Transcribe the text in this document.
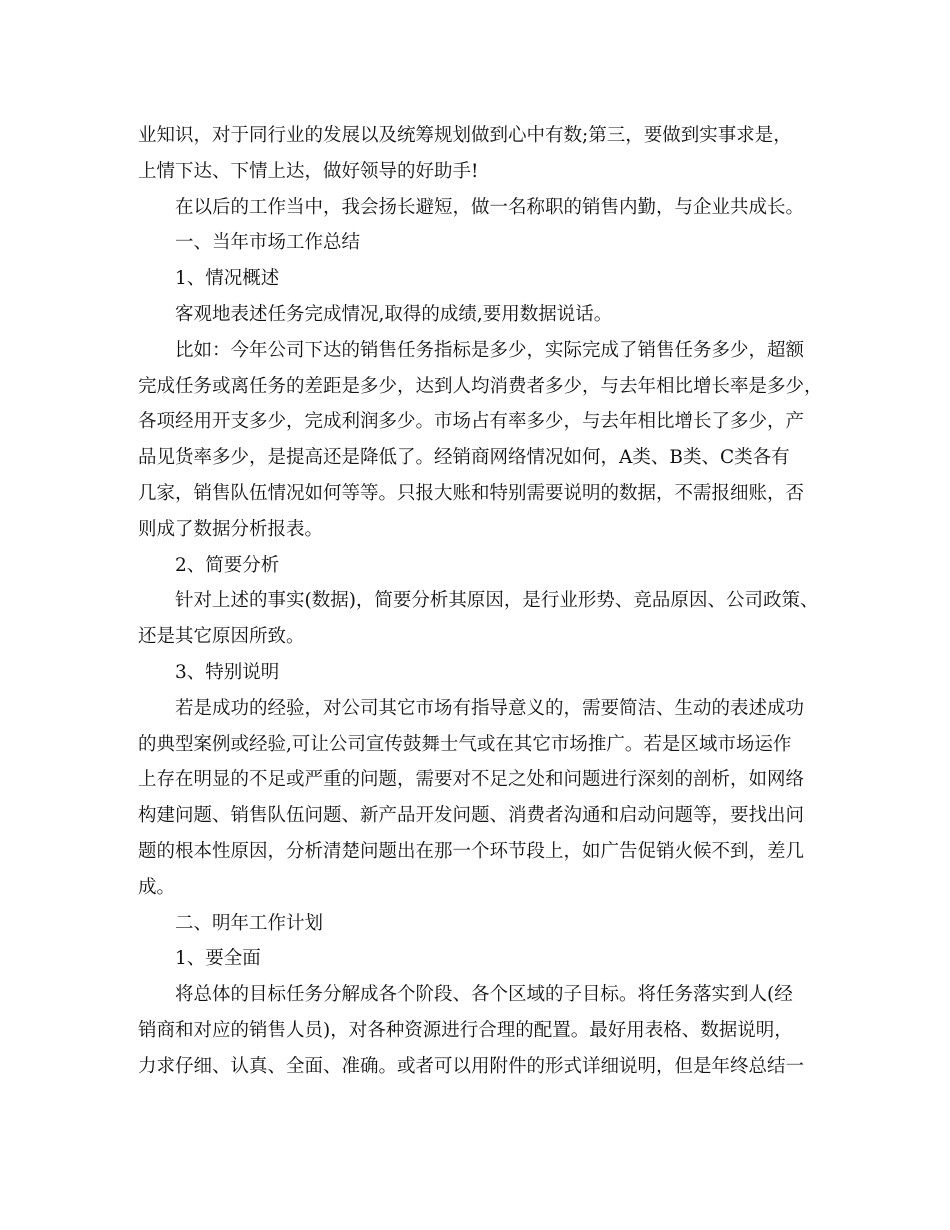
业知识，对于同行业的发展以及统筹规划做到心中有数;第三，要做到实事求是，
上情下达、下情上达，做好领导的好助手!
在以后的工作当中，我会扬长避短，做一名称职的销售内勤，与企业共成长。
一、当年市场工作总结
1、情况概述
客观地表述任务完成情况,取得的成绩,要用数据说话。
比如：今年公司下达的销售任务指标是多少，实际完成了销售任务多少，超额
完成任务或离任务的差距是多少，达到人均消费者多少，与去年相比增长率是多少，
各项经用开支多少，完成利润多少。市场占有率多少，与去年相比增长了多少，产
品见货率多少，是提高还是降低了。经销商网络情况如何，A类、B类、C类各有
几家，销售队伍情况如何等等。只报大账和特别需要说明的数据，不需报细账，否
则成了数据分析报表。
2、简要分析
针对上述的事实(数据)，简要分析其原因，是行业形势、竞品原因、公司政策、
还是其它原因所致。
3、特别说明
若是成功的经验，对公司其它市场有指导意义的，需要简洁、生动的表述成功
的典型案例或经验,可让公司宣传鼓舞士气或在其它市场推广。若是区域市场运作
上存在明显的不足或严重的问题，需要对不足之处和问题进行深刻的剖析，如网络
构建问题、销售队伍问题、新产品开发问题、消费者沟通和启动问题等，要找出问
题的根本性原因，分析清楚问题出在那一个环节段上，如广告促销火候不到，差几
成。
二、明年工作计划
1、要全面
将总体的目标任务分解成各个阶段、各个区域的子目标。将任务落实到人(经
销商和对应的销售人员)，对各种资源进行合理的配置。最好用表格、数据说明，
力求仔细、认真、全面、准确。或者可以用附件的形式详细说明，但是年终总结一
